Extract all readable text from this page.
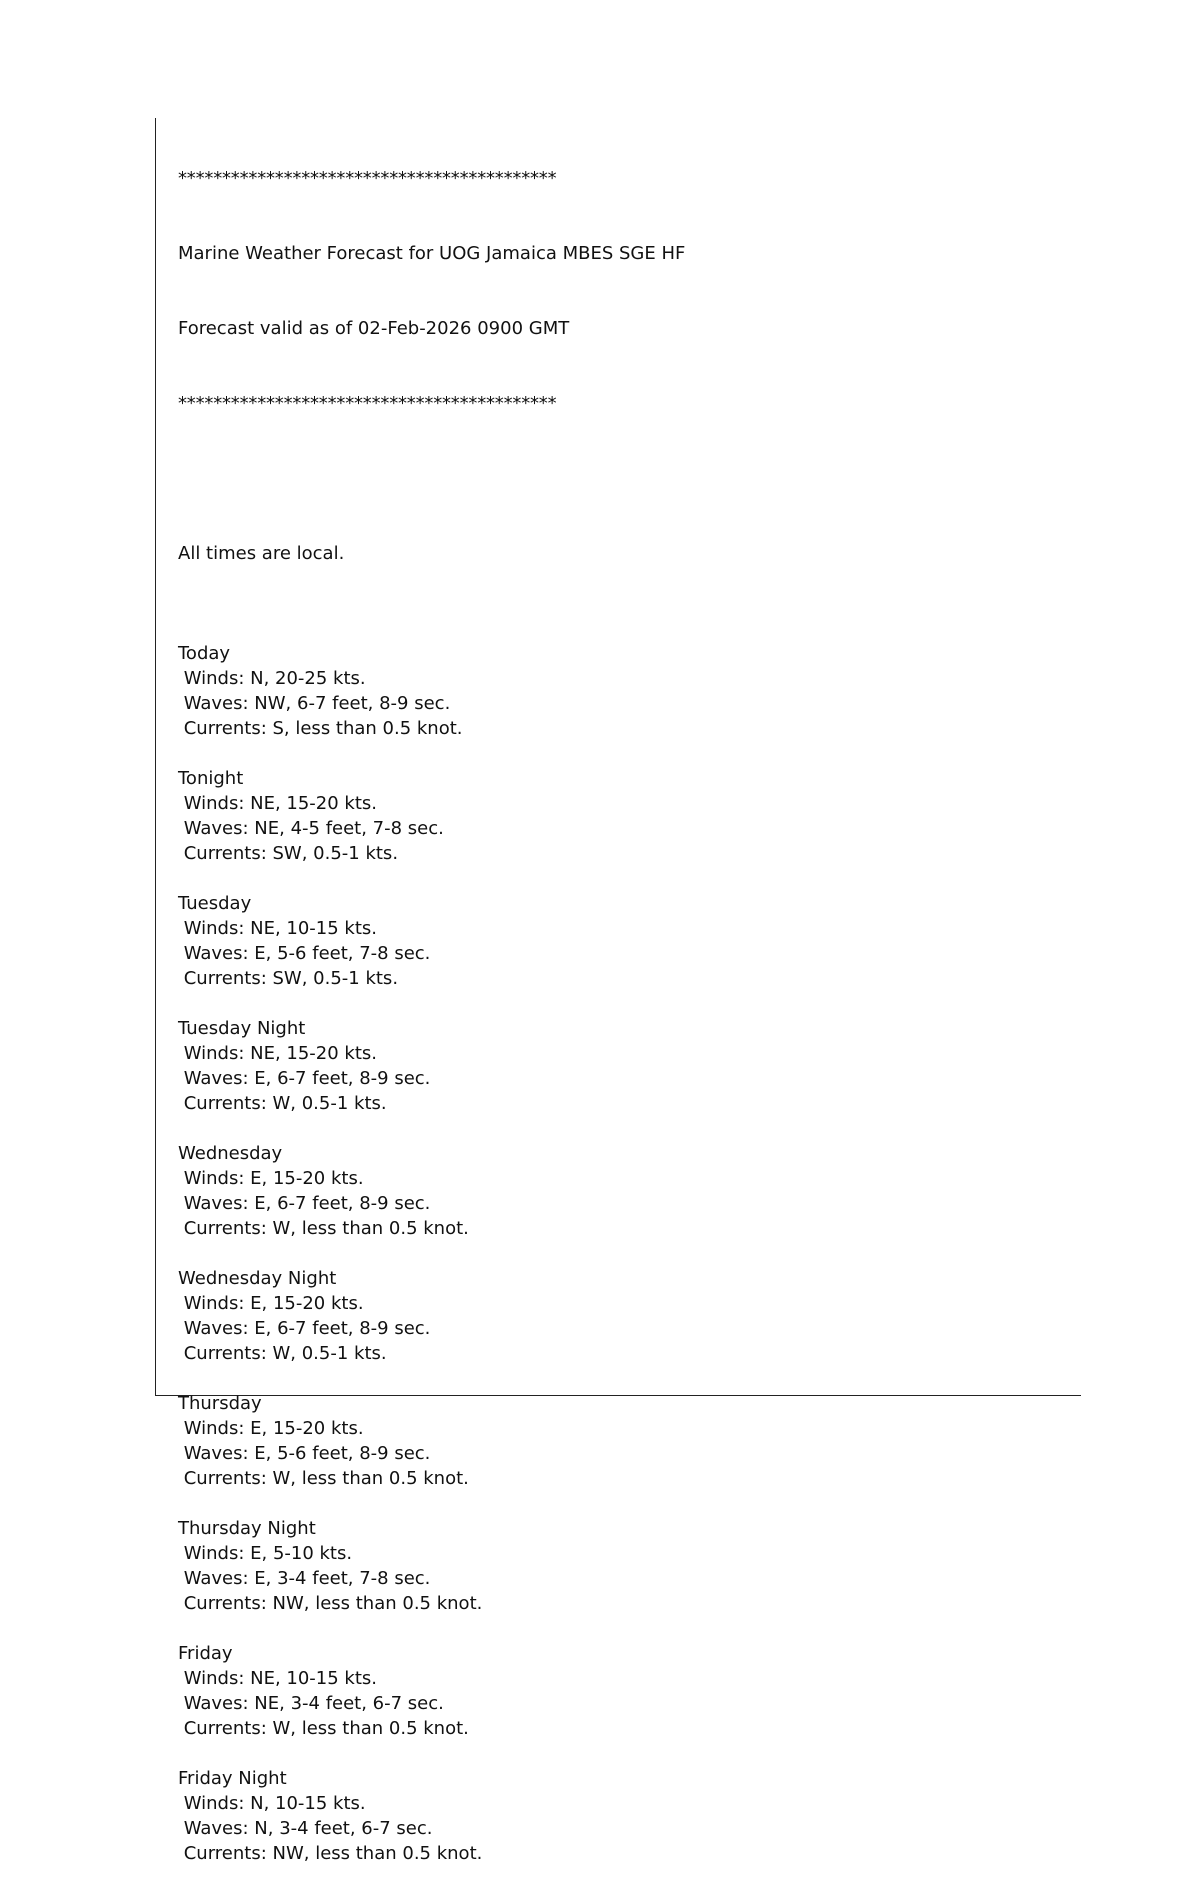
*******************************************

Marine Weather Forecast for UOG Jamaica MBES SGE HF

Forecast valid as of 02-Feb-2026 0900 GMT

*******************************************

All times are local.

Today
Winds: N, 20-25 kts.
Waves: NW, 6-7 feet, 8-9 sec.
Currents: S, less than 0.5 knot.
Tonight
Winds: NE, 15-20 kts.
Waves: NE, 4-5 feet, 7-8 sec.
Currents: SW, 0.5-1 kts.
Tuesday
Winds: NE, 10-15 kts.
Waves: E, 5-6 feet, 7-8 sec.
Currents: SW, 0.5-1 kts.
Tuesday Night
Winds: NE, 15-20 kts.
Waves: E, 6-7 feet, 8-9 sec.
Currents: W, 0.5-1 kts.
Wednesday
Winds: E, 15-20 kts.
Waves: E, 6-7 feet, 8-9 sec.
Currents: W, less than 0.5 knot.
Wednesday Night
Winds: E, 15-20 kts.
Waves: E, 6-7 feet, 8-9 sec.
Currents: W, 0.5-1 kts.
Thursday
Winds: E, 15-20 kts.
Waves: E, 5-6 feet, 8-9 sec.
Currents: W, less than 0.5 knot.
Thursday Night
Winds: E, 5-10 kts.
Waves: E, 3-4 feet, 7-8 sec.
Currents: NW, less than 0.5 knot.
Friday
Winds: NE, 10-15 kts.
Waves: NE, 3-4 feet, 6-7 sec.
Currents: W, less than 0.5 knot.
Friday Night
Winds: N, 10-15 kts.
Waves: N, 3-4 feet, 6-7 sec.
Currents: NW, less than 0.5 knot.
